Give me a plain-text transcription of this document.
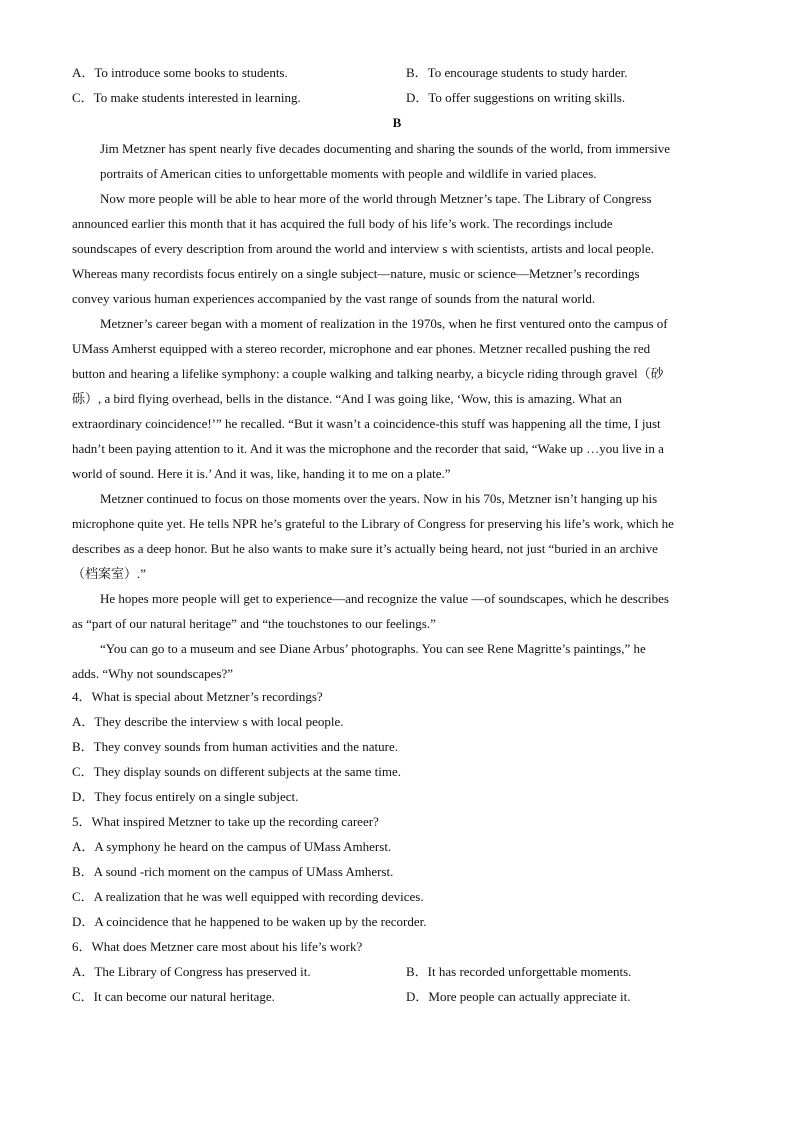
A．To introduce some books to students.	B．To encourage students to study harder.
C．To make students interested in learning.	D．To offer suggestions on writing skills.
B

Jim Metzner has spent nearly five decades documenting and sharing the sounds of the world, from immersive
portraits of American cities to unforgettable moments with people and wildlife in varied places.

Now more people will be able to hear more of the world through Metzner’s tape. The Library of Congress
announced earlier this month that it has acquired the full body of his life’s work. The recordings include
soundscapes of every description from around the world and interview s with scientists, artists and local people.
Whereas many recordists focus entirely on a single subject—nature, music or science—Metzner’s recordings
convey various human experiences accompanied by the vast range of sounds from the natural world.

Metzner’s career began with a moment of realization in the 1970s, when he first ventured onto the campus of
UMass Amherst equipped with a stereo recorder, microphone and ear phones. Metzner recalled pushing the red
button and hearing a lifelike symphony: a couple walking and talking nearby, a bicycle riding through gravel（砂
砾）, a bird flying overhead, bells in the distance. “And I was going like, ‘Wow, this is amazing. What an
extraordinary coincidence!’” he recalled. “But it wasn’t a coincidence-this stuff was happening all the time, I just
hadn’t been paying attention to it. And it was the microphone and the recorder that said, “Wake up …you live in a
world of sound. Here it is.’ And it was, like, handing it to me on a plate.”

Metzner continued to focus on those moments over the years. Now in his 70s, Metzner isn’t hanging up his
microphone quite yet. He tells NPR he’s grateful to the Library of Congress for preserving his life’s work, which he
describes as a deep honor. But he also wants to make sure it’s actually being heard, not just “buried in an archive
（档案室）.”

He hopes more people will get to experience—and recognize the value —of soundscapes, which he describes
as “part of our natural heritage” and “the touchstones to our feelings.”

“You can go to a museum and see Diane Arbus’ photographs. You can see Rene Magritte’s paintings,” he
adds. “Why not soundscapes?”

4．What is special about Metzner’s recordings?
A．They describe the interview s with local people.
B．They convey sounds from human activities and the nature.
C．They display sounds on different subjects at the same time.
D．They focus entirely on a single subject.
5．What inspired Metzner to take up the recording career?
A．A symphony he heard on the campus of UMass Amherst.
B．A sound -rich moment on the campus of UMass Amherst.
C．A realization that he was well equipped with recording devices.
D．A coincidence that he happened to be waken up by the recorder.
6．What does Metzner care most about his life’s work?
A．The Library of Congress has preserved it.	B．It has recorded unforgettable moments.
C．It can become our natural heritage.	D．More people can actually appreciate it.
